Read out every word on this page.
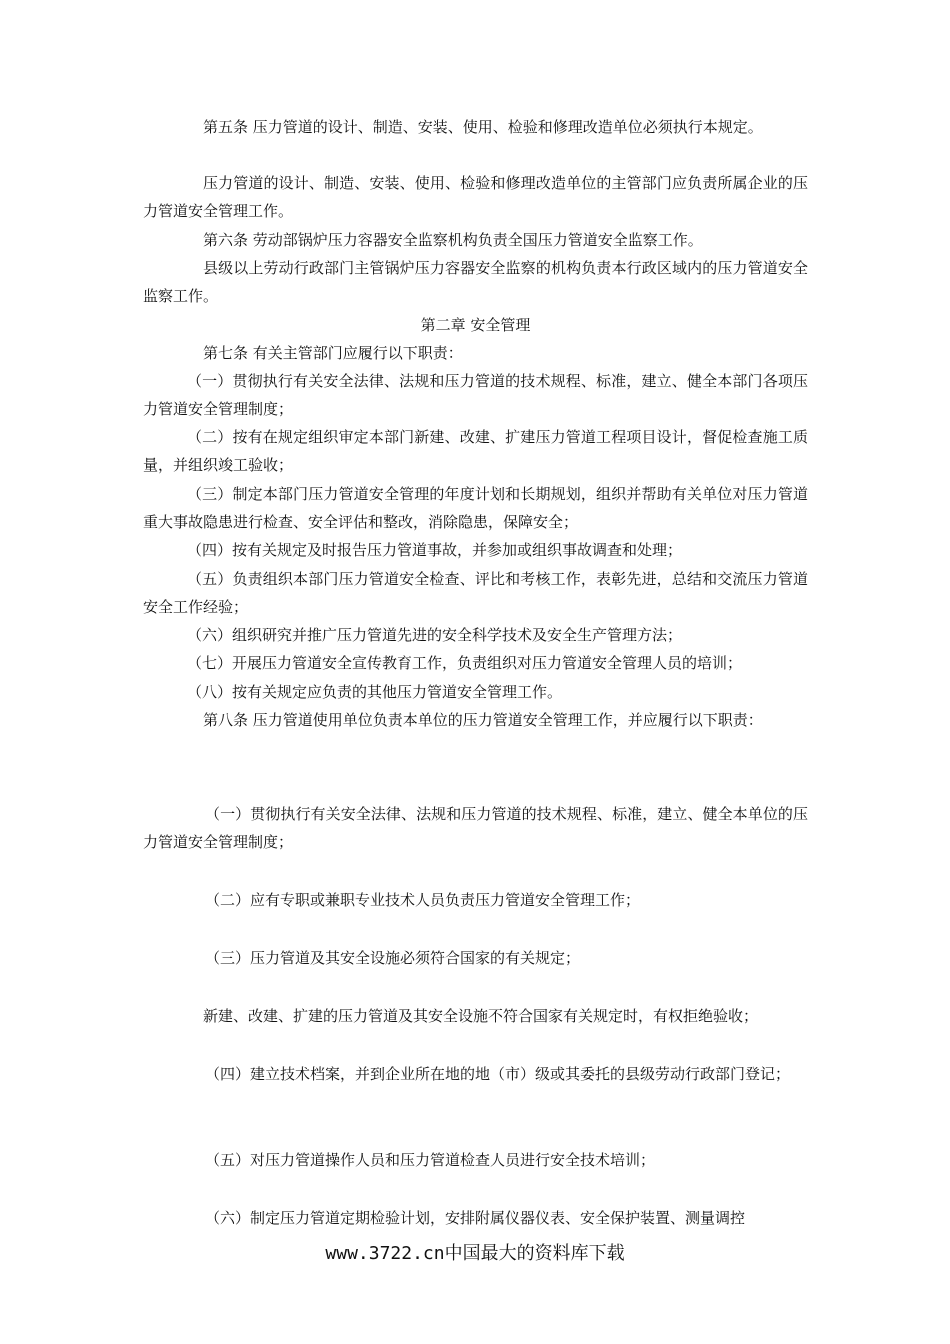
第五条 压力管道的设计、制造、安装、使用、检验和修理改造单位必须执行本规定。

压力管道的设计、制造、安装、使用、检验和修理改造单位的主管部门应负责所属企业的压力管道安全管理工作。

第六条 劳动部锅炉压力容器安全监察机构负责全国压力管道安全监察工作。

县级以上劳动行政部门主管锅炉压力容器安全监察的机构负责本行政区域内的压力管道安全监察工作。

第二章 安全管理

第七条 有关主管部门应履行以下职责：

（一）贯彻执行有关安全法律、法规和压力管道的技术规程、标准，建立、健全本部门各项压力管道安全管理制度；

（二）按有在规定组织审定本部门新建、改建、扩建压力管道工程项目设计，督促检查施工质量，并组织竣工验收；

（三）制定本部门压力管道安全管理的年度计划和长期规划，组织并帮助有关单位对压力管道重大事故隐患进行检查、安全评估和整改，消除隐患，保障安全；

（四）按有关规定及时报告压力管道事故，并参加或组织事故调查和处理；

（五）负责组织本部门压力管道安全检查、评比和考核工作，表彰先进，总结和交流压力管道安全工作经验；

（六）组织研究并推广压力管道先进的安全科学技术及安全生产管理方法；

（七）开展压力管道安全宣传教育工作，负责组织对压力管道安全管理人员的培训；

（八）按有关规定应负责的其他压力管道安全管理工作。

第八条 压力管道使用单位负责本单位的压力管道安全管理工作，并应履行以下职责：

（一）贯彻执行有关安全法律、法规和压力管道的技术规程、标准，建立、健全本单位的压力管道安全管理制度；

（二）应有专职或兼职专业技术人员负责压力管道安全管理工作；

（三）压力管道及其安全设施必须符合国家的有关规定；

新建、改建、扩建的压力管道及其安全设施不符合国家有关规定时，有权拒绝验收；

（四）建立技术档案，并到企业所在地的地（市）级或其委托的县级劳动行政部门登记；

（五）对压力管道操作人员和压力管道检查人员进行安全技术培训；

（六）制定压力管道定期检验计划，安排附属仪器仪表、安全保护装置、测量调控

www.3722.cn中国最大的资料库下载
